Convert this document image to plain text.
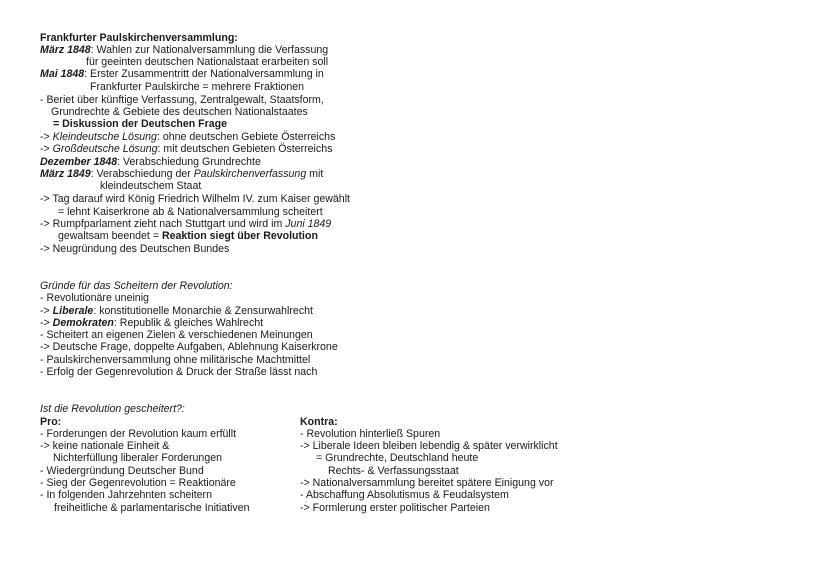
Frankfurter Paulskirchenversammlung:
März 1848: Wahlen zur Nationalversammlung die Verfassung
für geeinten deutschen Nationalstaat erarbeiten soll
Mai 1848: Erster Zusammentritt der Nationalversammlung in
Frankfurter Paulskirche = mehrere Fraktionen
- Beriet über künftige Verfassung, Zentralgewalt, Staatsform,
Grundrechte & Gebiete des deutschen Nationalstaates
= Diskussion der Deutschen Frage
-> Kleindeutsche Lösung: ohne deutschen Gebiete Österreichs
-> Großdeutsche Lösung: mit deutschen Gebieten Österreichs
Dezember 1848: Verabschiedung Grundrechte
März 1849: Verabschiedung der Paulskirchenverfassung mit
kleindeutschem Staat
-> Tag darauf wird König Friedrich Wilhelm IV. zum Kaiser gewählt
= lehnt Kaiserkrone ab & Nationalversammlung scheitert
-> Rumpfparlament zieht nach Stuttgart und wird im Juni 1849
gewaltsam beendet = Reaktion siegt über Revolution
-> Neugründung des Deutschen Bundes
Gründe für das Scheitern der Revolution:
- Revolutionäre uneinig
-> Liberale: konstitutionelle Monarchie & Zensurwahlrecht
-> Demokraten: Republik & gleiches Wahlrecht
- Scheitert an eigenen Zielen & verschiedenen Meinungen
-> Deutsche Frage, doppelte Aufgaben, Ablehnung Kaiserkrone
- Paulskirchenversammlung ohne militärische Machtmittel
- Erfolg der Gegenrevolution & Druck der Straße lässt nach
Ist die Revolution gescheitert?:
Pro:
- Forderungen der Revolution kaum erfüllt
-> keine nationale Einheit &
Nichterfüllung liberaler Forderungen
- Wiedergründung Deutscher Bund
- Sieg der Gegenrevolution = Reaktionäre
- In folgenden Jahrzehnten scheitern
freiheitliche & parlamentarische Initiativen
Kontra:
- Revolution hinterließ Spuren
-> Liberale Ideen bleiben lebendig & später verwirklicht
= Grundrechte, Deutschland heute
Rechts- & Verfassungsstaat
-> Nationalversammlung bereitet spätere Einigung vor
- Abschaffung Absolutismus & Feudalsystem
-> Formlerung erster politischer Parteien
